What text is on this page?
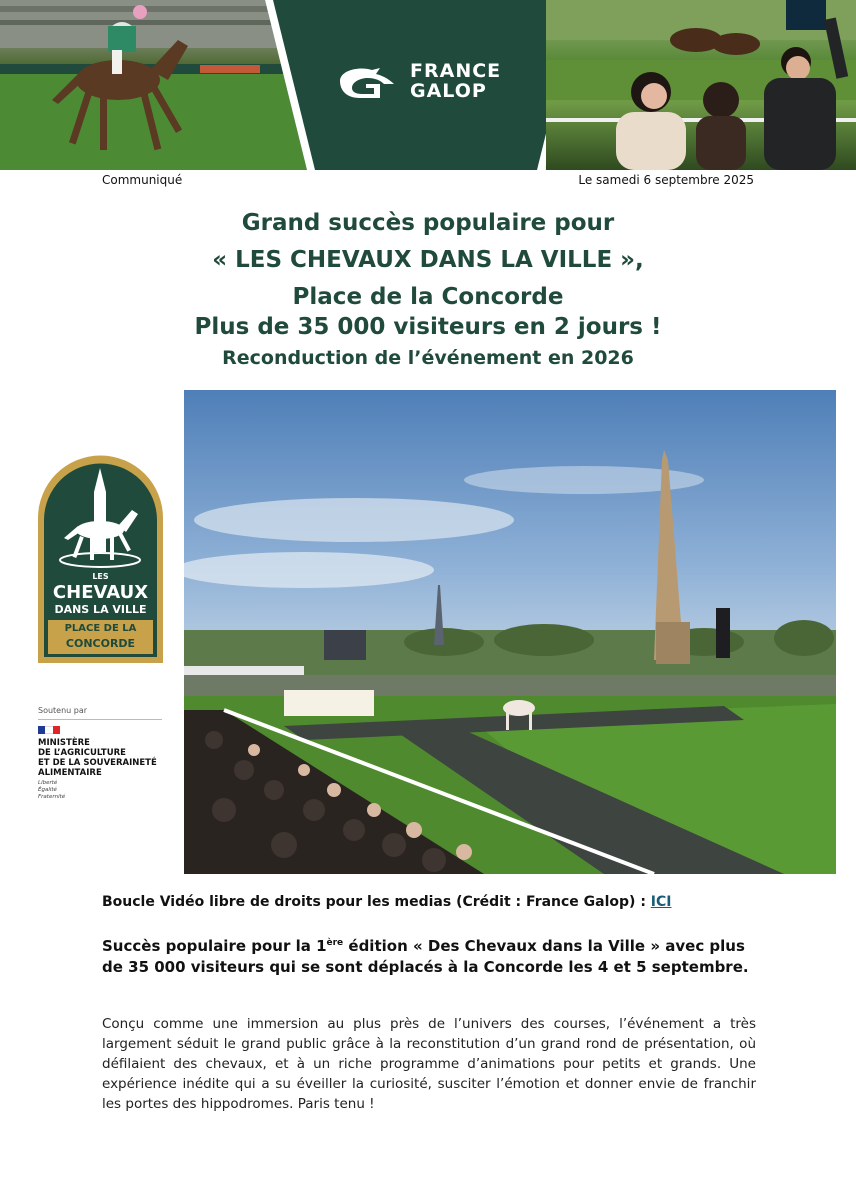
FRANCE
GALOP
Communiqué	Le samedi 6 septembre 2025
Grand succès populaire pour
« LES CHEVAUX DANS LA VILLE »,
Place de la Concorde
Plus de 35 000 visiteurs en 2 jours !
Reconduction de l’événement en 2026
LES
CHEVAUX
DANS LA VILLE
PLACE DE LA
CONCORDE
Soutenu par
MINISTÈRE
DE L’AGRICULTURE
ET DE LA SOUVERAINETÉ
ALIMENTAIRE
Liberté
Égalité
Fraternité
Boucle Vidéo libre de droits pour les medias (Crédit : France Galop) : ICI
Succès populaire pour la 1ère édition « Des Chevaux dans la Ville » avec plus de 35 000 visiteurs qui se sont déplacés à la Concorde les 4 et 5 septembre.
Conçu comme une immersion au plus près de l’univers des courses, l’événement a très largement séduit le grand public grâce à la reconstitution d’un grand rond de présentation, où défilaient des chevaux, et à un riche programme d’animations pour petits et grands. Une expérience inédite qui a su éveiller la curiosité, susciter l’émotion et donner envie de franchir les portes des hippodromes. Paris tenu !
